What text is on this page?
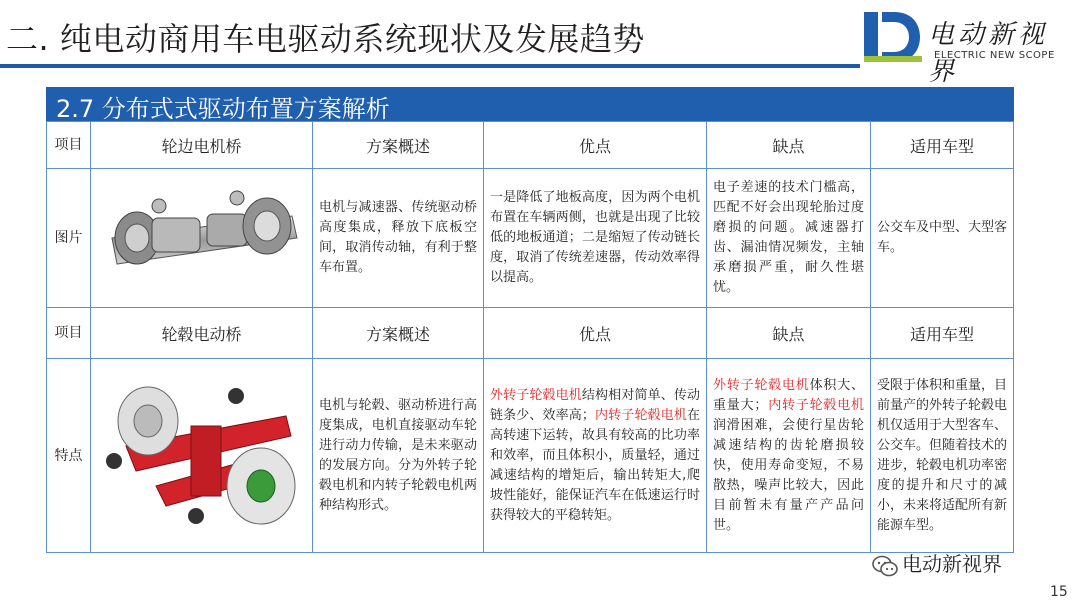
二. 纯电动商用车电驱动系统现状及发展趋势	电动新视界
ELECTRIC NEW SCOPE
2.7 分布式式驱动布置方案解析
项目	轮边电机桥	方案概述	优点	缺点	适用车型
图片		电机与减速器、传统驱动桥高度集成，释放下底板空间，取消传动轴，有利于整车布置。	一是降低了地板高度，因为两个电机布置在车辆两侧，也就是出现了比较低的地板通道；二是缩短了传动链长度，取消了传统差速器，传动效率得以提高。	电子差速的技术门槛高，匹配不好会出现轮胎过度磨损的问题。减速器打齿、漏油情况频发，主轴承磨损严重，耐久性堪忧。	公交车及中型、大型客车。
项目	轮毂电动桥	方案概述	优点	缺点	适用车型
特点		电机与轮毂、驱动桥进行高度集成，电机直接驱动车轮进行动力传输，是未来驱动的发展方向。分为外转子轮毂电机和内转子轮毂电机两种结构形式。	外转子轮毂电机结构相对简单、传动链条少、效率高；内转子轮毂电机在高转速下运转，故具有较高的比功率和效率，而且体积小，质量轻，通过减速结构的增矩后，输出转矩大,爬坡性能好，能保证汽车在低速运行时获得较大的平稳转矩。	外转子轮毂电机体积大、重量大；内转子轮毂电机润滑困难，会使行星齿轮减速结构的齿轮磨损较快，使用寿命变短，不易散热，噪声比较大，因此目前暂未有量产产品问世。	受限于体积和重量，目前量产的外转子轮毂电机仅适用于大型客车、公交车。但随着技术的进步，轮毂电机功率密度的提升和尺寸的减小，未来将适配所有新能源车型。
电动新视界
15
